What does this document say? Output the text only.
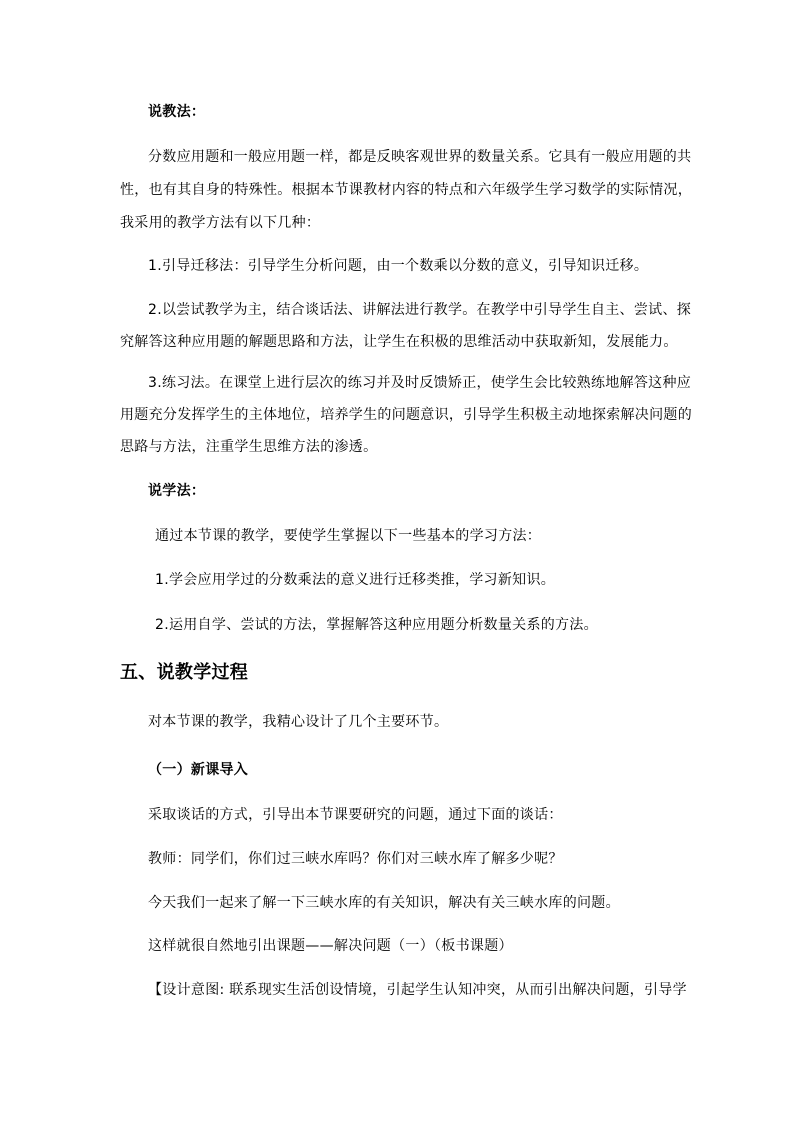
说教法：
分数应用题和一般应用题一样，都是反映客观世界的数量关系。它具有一般应用题的共
性，也有其自身的特殊性。根据本节课教材内容的特点和六年级学生学习数学的实际情况，
我采用的教学方法有以下几种：
1.引导迁移法：引导学生分析问题，由一个数乘以分数的意义，引导知识迁移。
2.以尝试教学为主，结合谈话法、讲解法进行教学。在教学中引导学生自主、尝试、探
究解答这种应用题的解题思路和方法，让学生在积极的思维活动中获取新知，发展能力。
3.练习法。在课堂上进行层次的练习并及时反馈矫正，使学生会比较熟练地解答这种应
用题充分发挥学生的主体地位，培养学生的问题意识，引导学生积极主动地探索解决问题的
思路与方法，注重学生思维方法的渗透。
说学法：
通过本节课的教学，要使学生掌握以下一些基本的学习方法：
1.学会应用学过的分数乘法的意义进行迁移类推，学习新知识。
2.运用自学、尝试的方法，掌握解答这种应用题分析数量关系的方法。
五、说教学过程
对本节课的教学，我精心设计了几个主要环节。
（一）新课导入
采取谈话的方式，引导出本节课要研究的问题，通过下面的谈话：
教师：同学们，你们过三峡水库吗？你们对三峡水库了解多少呢？
今天我们一起来了解一下三峡水库的有关知识，解决有关三峡水库的问题。
这样就很自然地引出课题——解决问题（一）（板书课题）
【设计意图: 联系现实生活创设情境，引起学生认知冲突，从而引出解决问题，引导学
